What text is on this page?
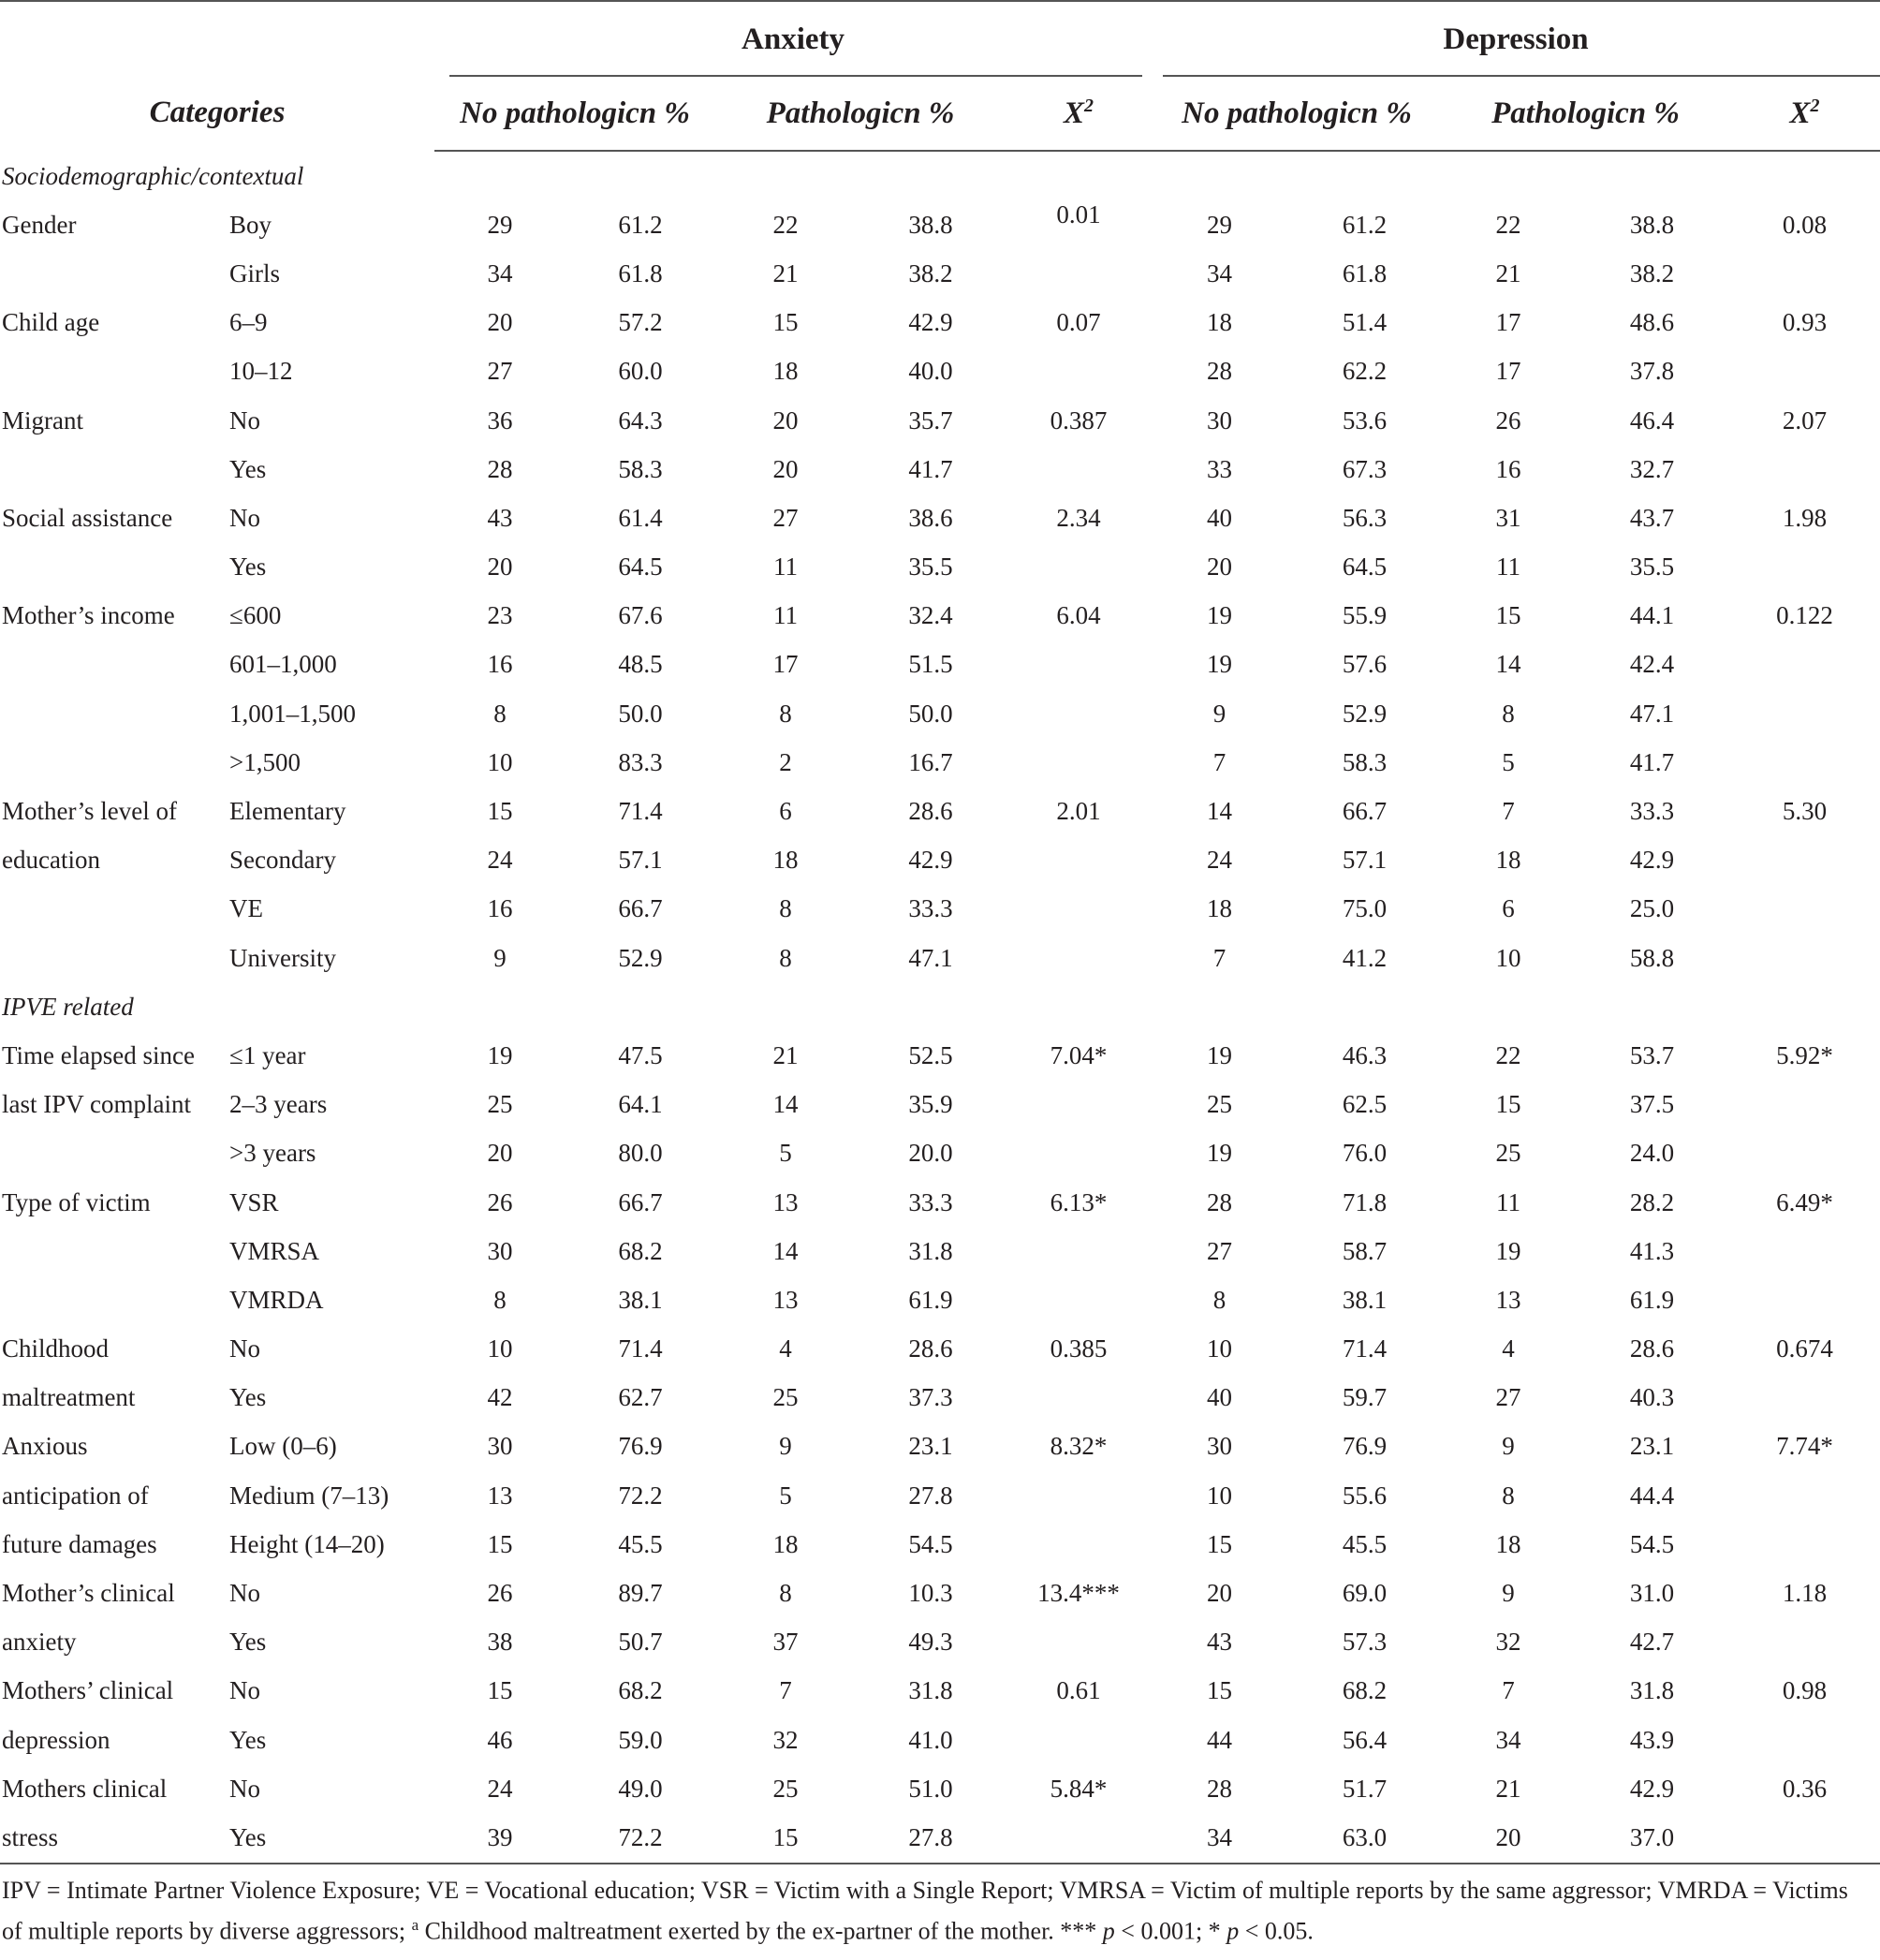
Categories		Anxiety					Depression				

		No pathologicn %		Pathologicn %		$X^2$	No pathologicn %		Pathologicn %		$X^2$
Sociodemographic/contextual											
Gender	Boy	29	61.2	22	38.8	0.01	29	61.2	22	38.8	0.08
	Girls	34	61.8	21	38.2		34	61.8	21	38.2	
Child age	6–9	20	57.2	15	42.9	0.07	18	51.4	17	48.6	0.93
	10–12	27	60.0	18	40.0		28	62.2	17	37.8	
Migrant	No	36	64.3	20	35.7	0.387	30	53.6	26	46.4	2.07
	Yes	28	58.3	20	41.7		33	67.3	16	32.7	
Social assistance	No	43	61.4	27	38.6	2.34	40	56.3	31	43.7	1.98
	Yes	20	64.5	11	35.5		20	64.5	11	35.5	
Mother’s income	≤600	23	67.6	11	32.4	6.04	19	55.9	15	44.1	0.122
	601–1,000	16	48.5	17	51.5		19	57.6	14	42.4	
	1,001–1,500	8	50.0	8	50.0		9	52.9	8	47.1	
	>1,500	10	83.3	2	16.7		7	58.3	5	41.7	
Mother’s level of	Elementary	15	71.4	6	28.6	2.01	14	66.7	7	33.3	5.30
education	Secondary	24	57.1	18	42.9		24	57.1	18	42.9	
	VE	16	66.7	8	33.3		18	75.0	6	25.0	
	University	9	52.9	8	47.1		7	41.2	10	58.8	
IPVE related											
Time elapsed since	≤1 year	19	47.5	21	52.5	7.04*	19	46.3	22	53.7	5.92*
last IPV complaint	2–3 years	25	64.1	14	35.9		25	62.5	15	37.5	
	>3 years	20	80.0	5	20.0		19	76.0	25	24.0	
Type of victim	VSR	26	66.7	13	33.3	6.13*	28	71.8	11	28.2	6.49*
	VMRSA	30	68.2	14	31.8		27	58.7	19	41.3	
	VMRDA	8	38.1	13	61.9		8	38.1	13	61.9	
Childhood	No	10	71.4	4	28.6	0.385	10	71.4	4	28.6	0.674
maltreatment	Yes	42	62.7	25	37.3		40	59.7	27	40.3	
Anxious	Low (0–6)	30	76.9	9	23.1	8.32*	30	76.9	9	23.1	7.74*
anticipation of	Medium (7–13)	13	72.2	5	27.8		10	55.6	8	44.4	
future damages	Height (14–20)	15	45.5	18	54.5		15	45.5	18	54.5	
Mother’s clinical	No	26	89.7	8	10.3	13.4***	20	69.0	9	31.0	1.18
anxiety	Yes	38	50.7	37	49.3		43	57.3	32	42.7	
Mothers’ clinical	No	15	68.2	7	31.8	0.61	15	68.2	7	31.8	0.98
depression	Yes	46	59.0	32	41.0		44	56.4	34	43.9	
Mothers clinical	No	24	49.0	25	51.0	5.84*	28	51.7	21	42.9	0.36
stress	Yes	39	72.2	15	27.8		34	63.0	20	37.0	
IPV = Intimate Partner Violence Exposure; VE = Vocational education; VSR = Victim with a Single Report; VMRSA = Victim of multiple reports by the same aggressor; VMRDA = Victims
of multiple reports by diverse aggressors; $^a$ Childhood maltreatment exerted by the ex-partner of the mother. *** p < 0.001; * p < 0.05.
